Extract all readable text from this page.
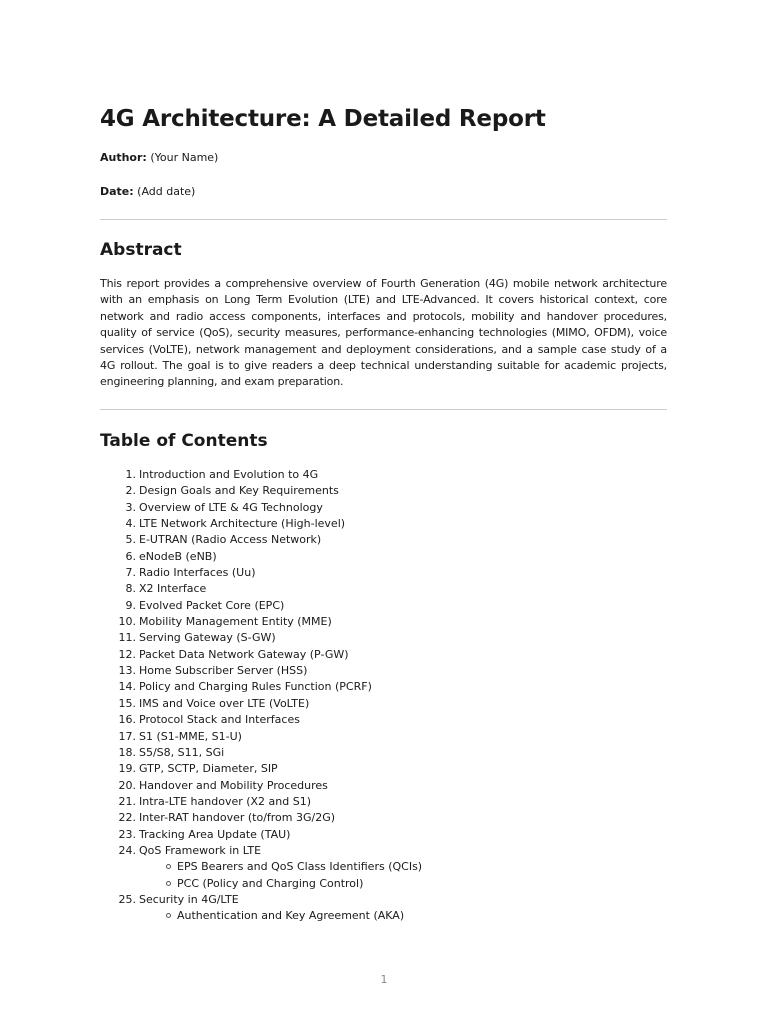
4G Architecture: A Detailed Report

Author: (Your Name)

Date: (Add date)

Abstract

This report provides a comprehensive overview of Fourth Generation (4G) mobile network architecture with an emphasis on Long Term Evolution (LTE) and LTE-Advanced. It covers historical context, core network and radio access components, interfaces and protocols, mobility and handover procedures, quality of service (QoS), security measures, performance-enhancing technologies (MIMO, OFDM), voice services (VoLTE), network management and deployment considerations, and a sample case study of a 4G rollout. The goal is to give readers a deep technical understanding suitable for academic projects, engineering planning, and exam preparation.

Table of Contents
1. Introduction and Evolution to 4G
2. Design Goals and Key Requirements
3. Overview of LTE & 4G Technology
4. LTE Network Architecture (High-level)
5. E-UTRAN (Radio Access Network)
6. eNodeB (eNB)
7. Radio Interfaces (Uu)
8. X2 Interface
9. Evolved Packet Core (EPC)
10. Mobility Management Entity (MME)
11. Serving Gateway (S-GW)
12. Packet Data Network Gateway (P-GW)
13. Home Subscriber Server (HSS)
14. Policy and Charging Rules Function (PCRF)
15. IMS and Voice over LTE (VoLTE)
16. Protocol Stack and Interfaces
17. S1 (S1-MME, S1-U)
18. S5/S8, S11, SGi
19. GTP, SCTP, Diameter, SIP
20. Handover and Mobility Procedures
21. Intra-LTE handover (X2 and S1)
22. Inter-RAT handover (to/from 3G/2G)
23. Tracking Area Update (TAU)
24. QoS Framework in LTE
EPS Bearers and QoS Class Identifiers (QCIs)
PCC (Policy and Charging Control)
25. Security in 4G/LTE
Authentication and Key Agreement (AKA)
1
